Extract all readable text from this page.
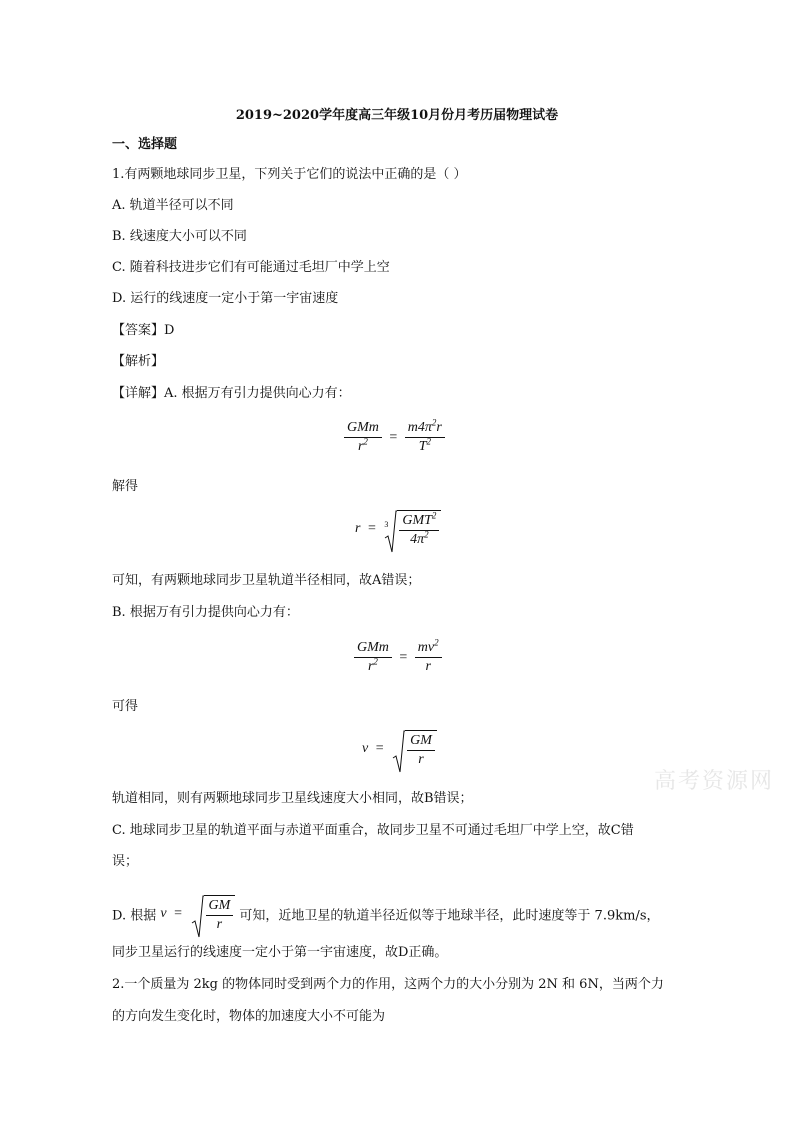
2019~2020学年度高三年级10月份月考历届物理试卷
一、选择题
1.有两颗地球同步卫星，下列关于它们的说法中正确的是（ ）
A. 轨道半径可以不同
B. 线速度大小可以不同
C. 随着科技进步它们有可能通过毛坦厂中学上空
D. 运行的线速度一定小于第一宇宙速度
【答案】D
【解析】
【详解】A. 根据万有引力提供向心力有：
$\frac{\text{GMm}}{r^2} = \frac{m4\pi^2r}{T^2}$
解得
$r = 3 \frac{GMT^2}{4\pi^2}$
可知，有两颗地球同步卫星轨道半径相同，故A错误；
B. 根据万有引力提供向心力有：
$\frac{\text{GMm}}{r^2} = \frac{mv^2}{r}$
可得
$v = \frac{GM}{r}$
轨道相同，则有两颗地球同步卫星线速度大小相同，故B错误；
C. 地球同步卫星的轨道平面与赤道平面重合，故同步卫星不可通过毛坦厂中学上空，故C错
误；
D. 根据 $v = \frac{GM}{r}$ 可知，近地卫星的轨道半径近似等于地球半径，此时速度等于 7.9km/s，
同步卫星运行的线速度一定小于第一宇宙速度，故D正确。
2.一个质量为 2kg 的物体同时受到两个力的作用，这两个力的大小分别为 2N 和 6N，当两个力
的方向发生变化时，物体的加速度大小不可能为
高考资源网
